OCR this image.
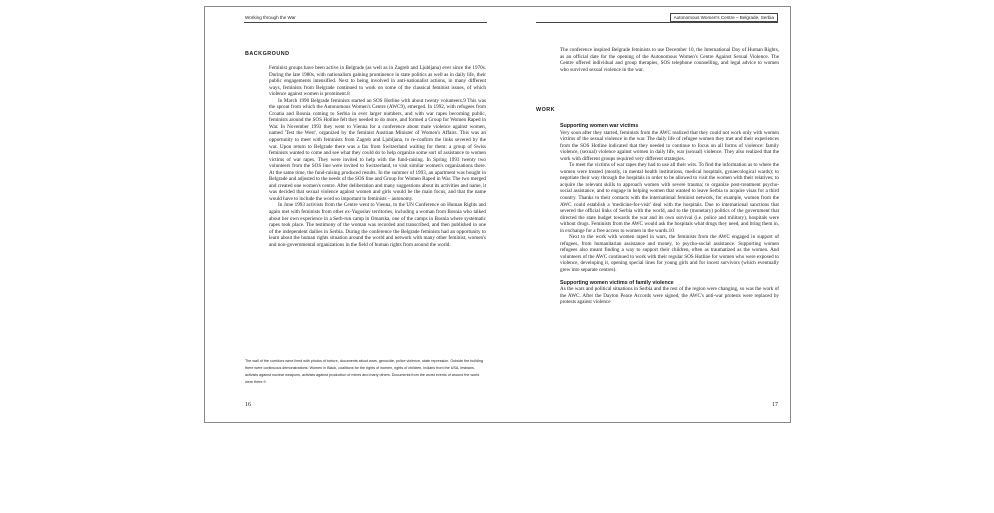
Working through the War
BACKGROUND

Feminist groups have been active in Belgrade (as well as in Zagreb and Ljubljana) ever since the 1970s. During the late 1980s, with nationalism gaining prominence in state politics as well as in daily life, their public engagements intensified. Next to being involved in anti-nationalist actions, in many different ways, feminists from Belgrade continued to work on some of the classical feminist issues, of which violence against women is prominent.8

In March 1990 Belgrade feminists started an SOS Hotline with about twenty volunteers.9 This was the sprout from which the Autonomous Women's Centre (AWC9), emerged. In 1992, with refugees from Croatia and Bosnia coming to Serbia in ever larger numbers, and with war rapes becoming public, feminists around the SOS Hotline felt they needed to do more, and formed a Group for Women Raped in War. In November 1993 they went to Vienna for a conference about male violence against women, named 'Test the West', organized by the feminist Austrian Minister of Women's Affairs. This was an opportunity to meet with feminists from Zagreb and Ljubljana, to re-confirm the links severed by the war. Upon return to Belgrade there was a fax from Switzerland waiting for them: a group of Swiss feminists wanted to come and see what they could do to help organize some sort of assistance to women victims of war rapes. They were invited to help with the fund-raising. In Spring 1993 twenty two volunteers from the SOS line were invited to Switzerland, to visit similar women's organizations there. At the same time, the fund-raising produced results. In the summer of 1993, an apartment was bought in Belgrade and adjusted to the needs of the SOS line and Group for Women Raped in War. The two merged and created one women's centre. After deliberation and many suggestions about its activities and name, it was decided that sexual violence against women and girls would be the main focus, and that the name would have to include the word so important to feminists – autonomy.

In June 1993 activists from the Centre went to Vienna, to the UN Conference on Human Rights and again met with feminists from other ex-Yugoslav territories, including a woman from Bosnia who talked about her own experience in a Serb-run camp in Omarska, one of the camps in Bosnia where systematic rapes took place. The testimony of the woman was recorded and transcribed, and then published in one of the independent dailies in Serbia. During the conference the Belgrade feminists had an opportunity to learn about the human rights situation around the world and network with many other feminist, women's and non-governmental organizations in the field of human rights from around the world.

The wall of the corridors were lined with photos of torture, documents about wars, genocide, police violence, state repression. Outside the building there were continuous demonstrations: Women in Black, coalitions for the rights of women, rights of children, Indians from the USA, lesbians, activists against nuclear weapons, activists against production of mines and many others. Documents from the worst events of around the world were there.9
16
Autonomous Women's Centre – Belgrade, Serbia

The conference inspired Belgrade feminists to use December 10, the International Day of Human Rights, as an official date for the opening of the Autonomous Women's Centre Against Sexual Violence. The Centre offered individual and group therapies, SOS telephone counselling, and legal advice to women who survived sexual violence in the war.

WORK

Supporting women war victims

Very soon after they started, feminists from the AWC realized that they could not work only with women victims of the sexual violence in the war. The daily life of refugee women they met and their experiences from the SOS Hotline indicated that they needed to continue to focus on all forms of violence: family violence, (sexual) violence against women in daily life, war (sexual) violence. They also realized that the work with different groups required very different strategies.

To meet the victims of war rapes they had to use all their wits. To find the information as to where the women were treated (mostly, in mental health institutions, medical hospitals, gynaecological wards); to negotiate their way through the hospitals in order to be allowed to visit the women with their relatives; to acquire the relevant skills to approach women with severe trauma; to organize post-treatment psycho-social assistance, and to engage in helping women that wanted to leave Serbia to acquire visas for a third country. Thanks to their contacts with the international feminist network, for example, women from the AWC could establish a 'medicine-for-visit' deal with the hospitals. Due to international sanctions that severed the official links of Serbia with the world, and to the (monetary) politics of the government that directed the state budget towards the war and its own survival (i.e. police and military), hospitals were without drugs. Feminists from the AWC would ask the hospitals what drugs they need, and bring them in, in exchange for a free access to women in the wards.10

Next to the work with women raped in wars, the feminists from the AWC engaged in support of refugees, from humanitarian assistance and money, to psycho-social assistance. Supporting women refugees also meant finding a way to support their children, often as traumatized as the women. And volunteers of the AWC continued to work with their regular SOS Hotline for women who were exposed to violence, developing it, opening special lines for young girls and for incest survivors (which eventually grew into separate centres).

Supporting women victims of family violence

As the wars and political situations in Serbia and the rest of the region were changing, so was the work of the AWC. After the Dayton Peace Accords were signed, the AWC's anti-war protests were replaced by protests against violence

17
